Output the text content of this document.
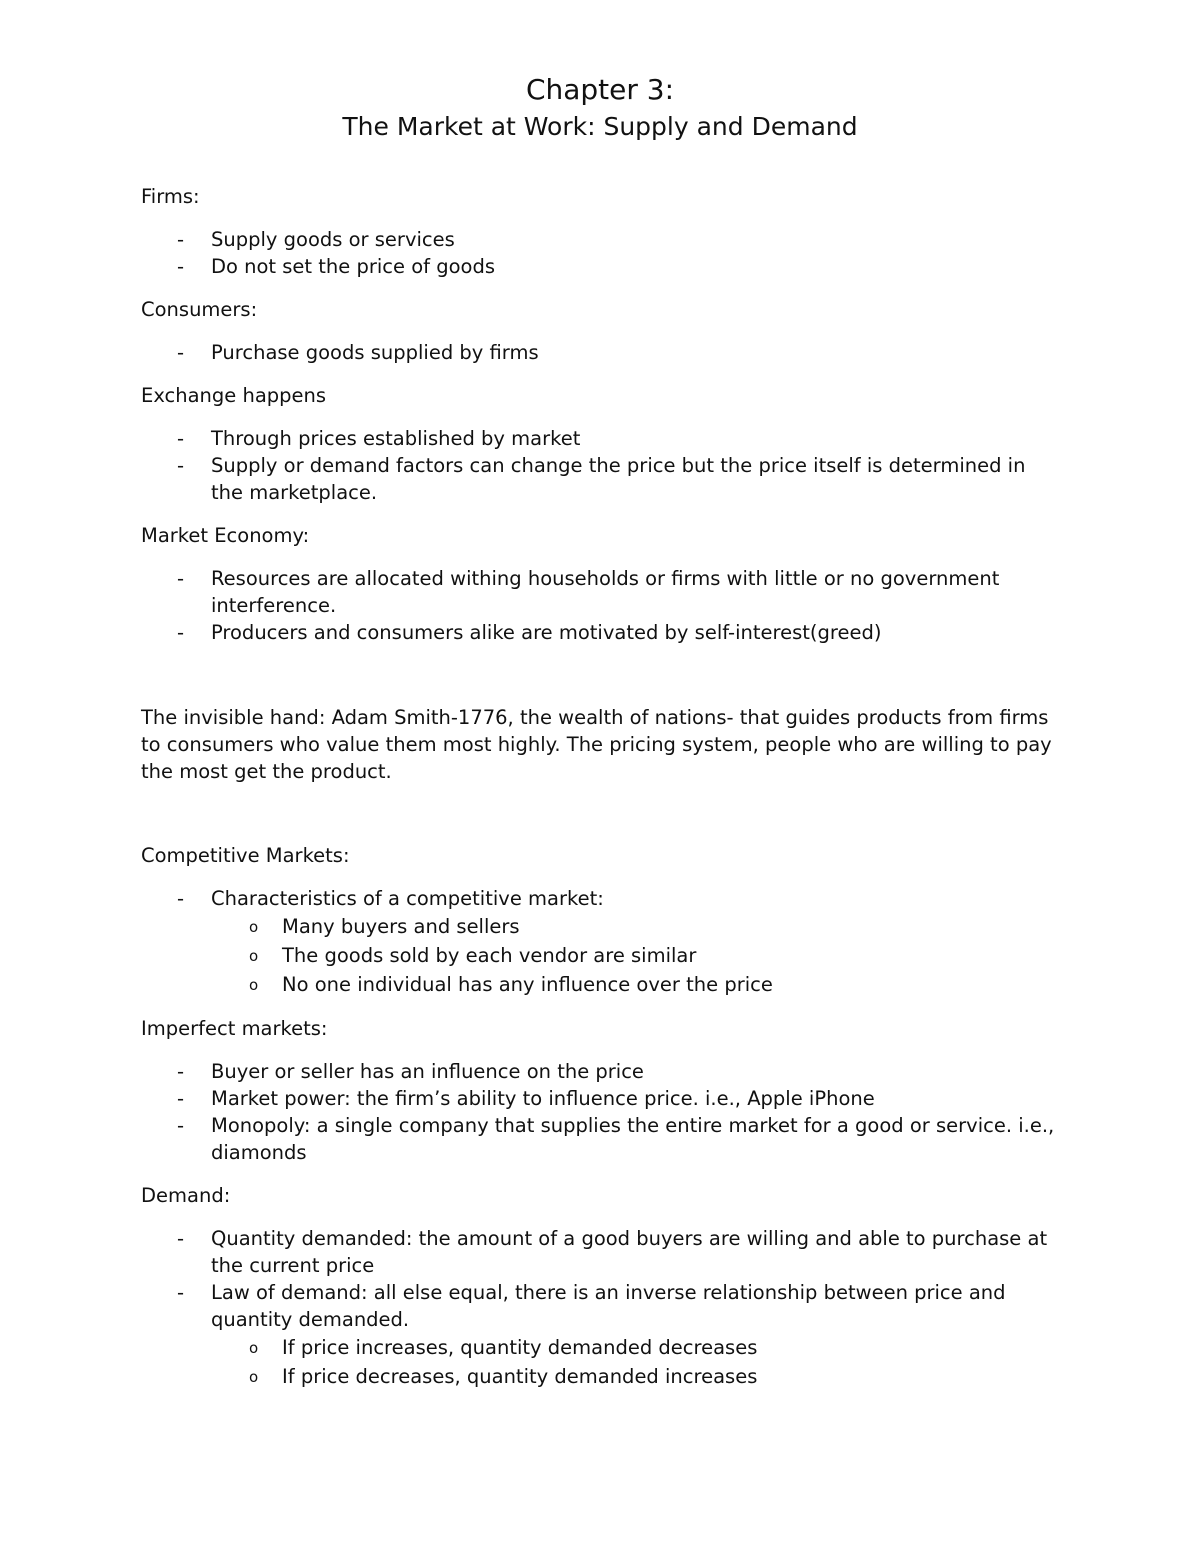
Chapter 3:
The Market at Work: Supply and Demand

Firms:

- Supply goods or services
- Do not set the price of goods

Consumers:

- Purchase goods supplied by firms

Exchange happens

- Through prices established by market
- Supply or demand factors can change the price but the price itself is determined in the marketplace.

Market Economy:

- Resources are allocated withing households or firms with little or no government interference.
- Producers and consumers alike are motivated by self-interest(greed)

The invisible hand: Adam Smith-1776, the wealth of nations- that guides products from firms to consumers who value them most highly. The pricing system, people who are willing to pay the most get the product.

Competitive Markets:

- Characteristics of a competitive market:
o Many buyers and sellers
o The goods sold by each vendor are similar
o No one individual has any influence over the price

Imperfect markets:

- Buyer or seller has an influence on the price
- Market power: the firm’s ability to influence price. i.e., Apple iPhone
- Monopoly: a single company that supplies the entire market for a good or service. i.e., diamonds

Demand:

- Quantity demanded: the amount of a good buyers are willing and able to purchase at the current price
- Law of demand: all else equal, there is an inverse relationship between price and quantity demanded.
o If price increases, quantity demanded decreases
o If price decreases, quantity demanded increases
